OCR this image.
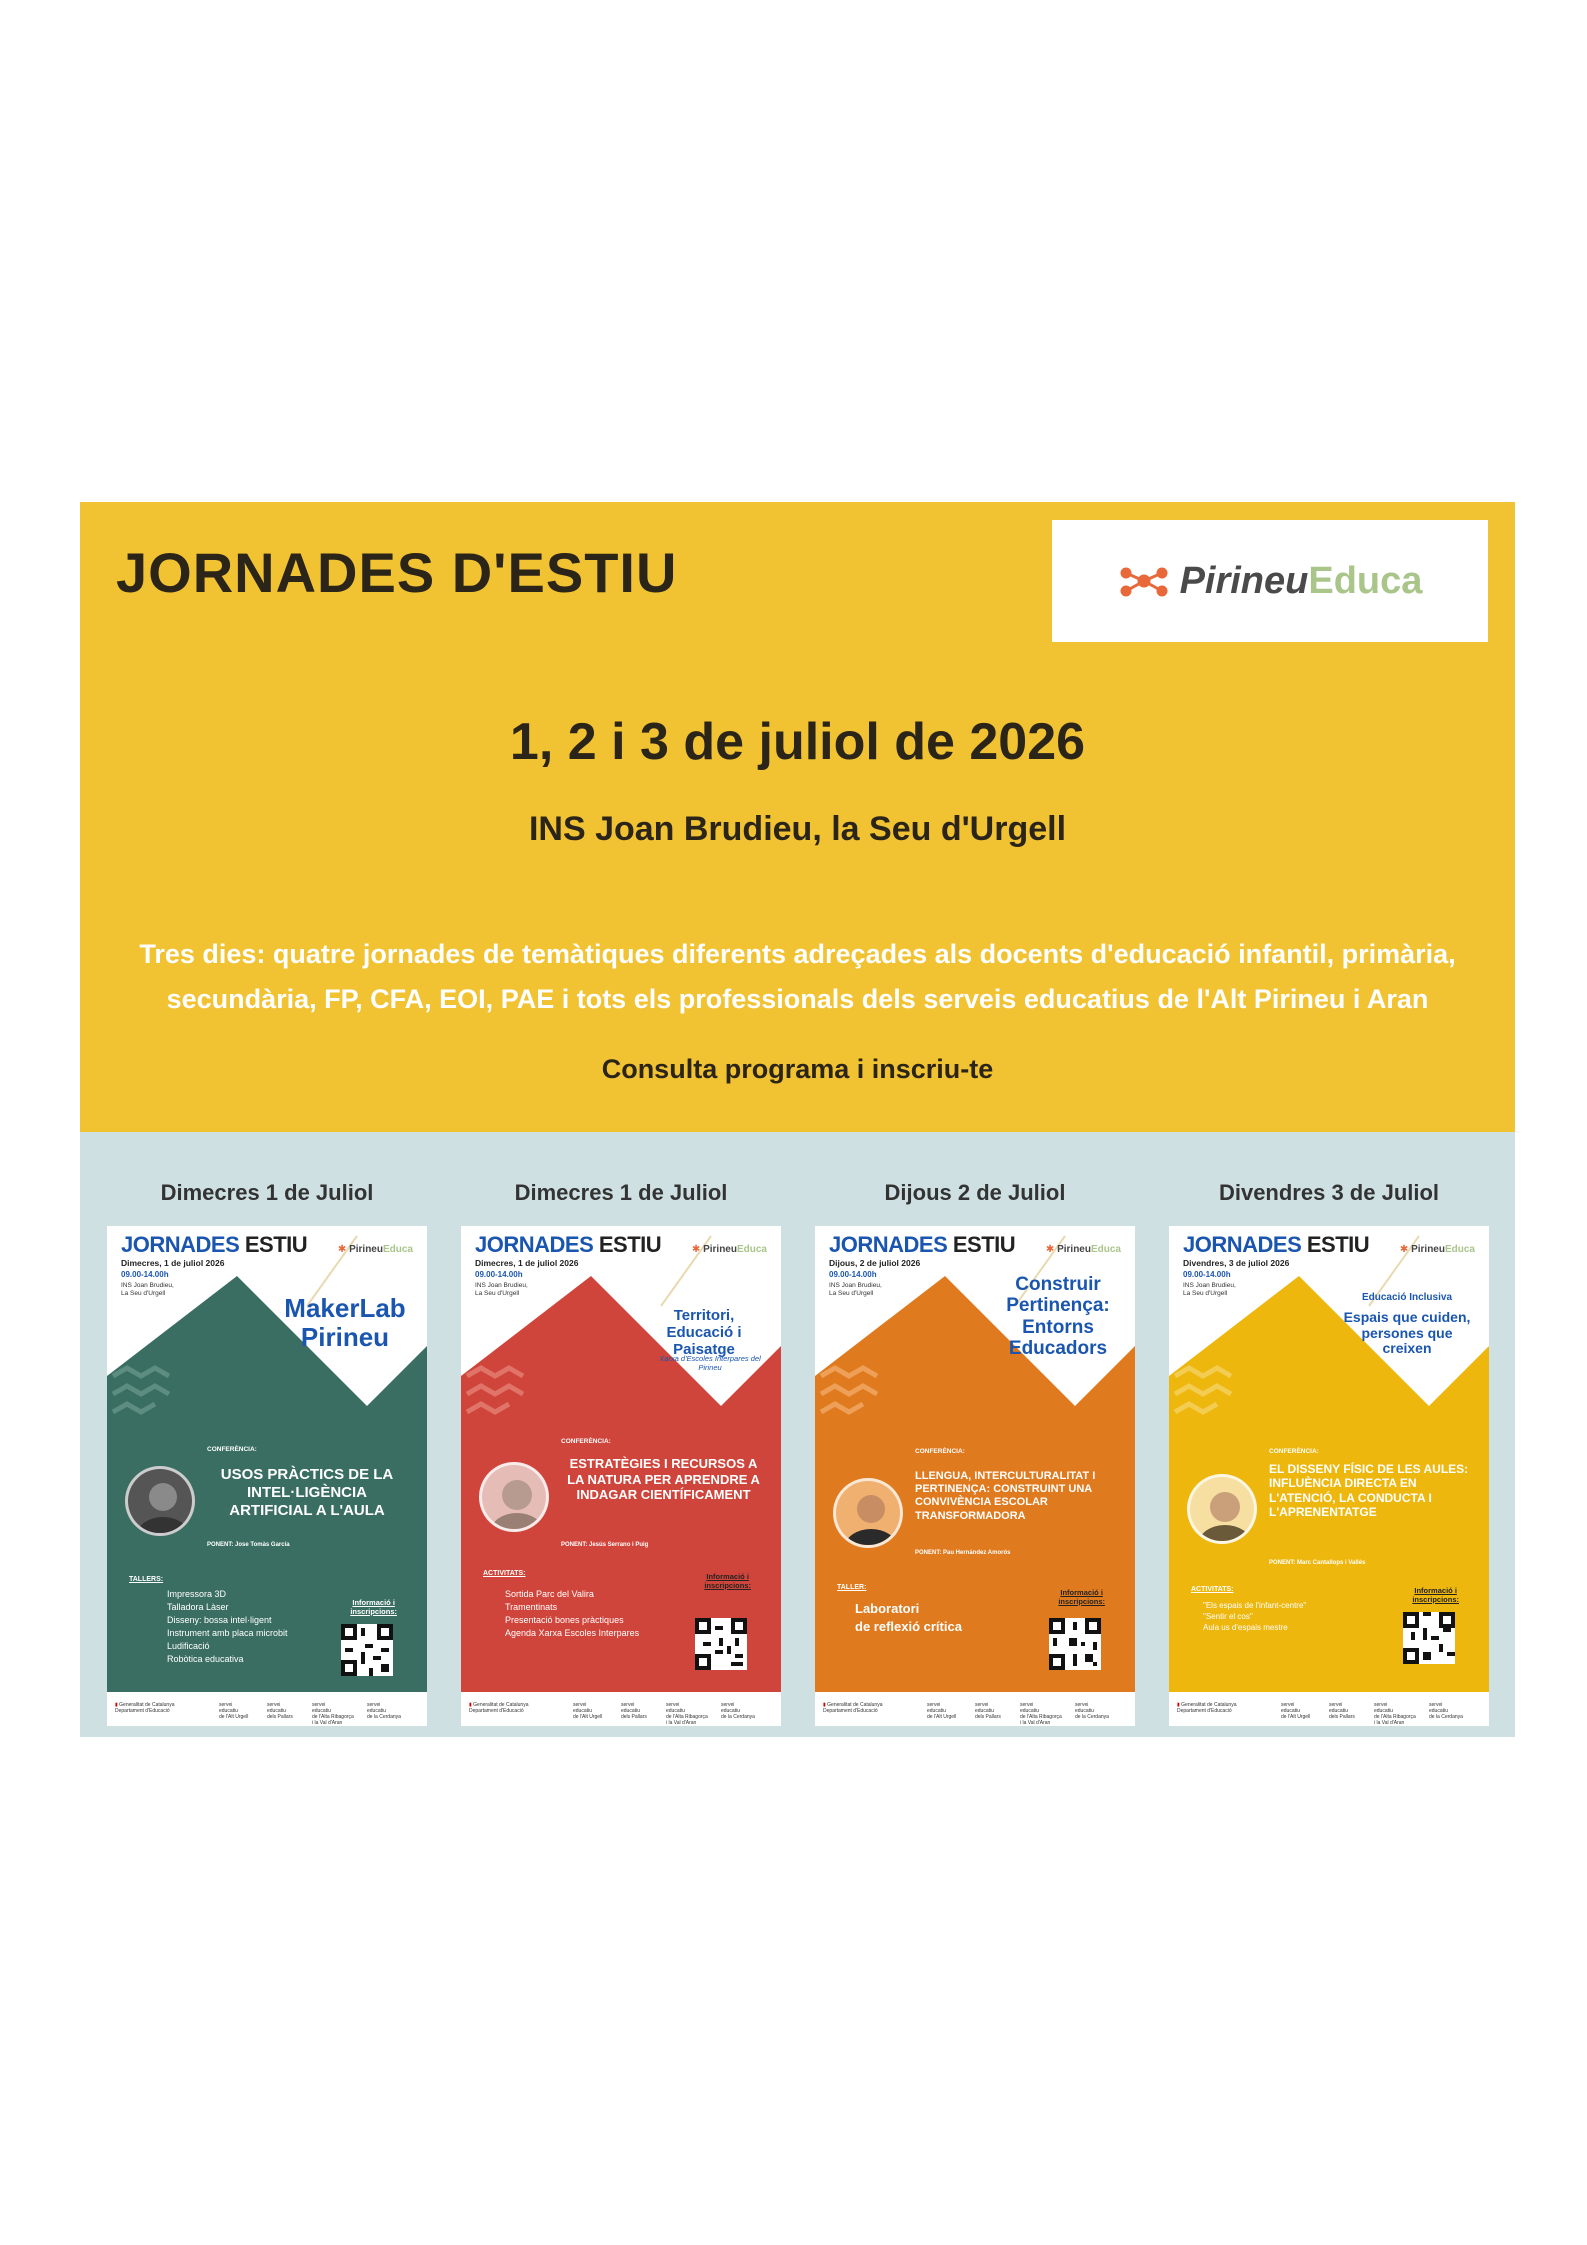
JORNADES D'ESTIU	Pirineu Educa
1, 2 i 3 de juliol de 2026
INS Joan Brudieu, la Seu d'Urgell
Tres dies: quatre jornades de temàtiques diferents adreçades als docents d'educació infantil, primària, secundària, FP, CFA, EOI, PAE i tots els professionals dels serveis educatius de l'Alt Pirineu i Aran
Consulta programa i inscriu-te
Dimecres 1 de Juliol
JORNADES ESTIU
Dimecres, 1 de juliol 2026
09.00-14.00h
INS Joan Brudieu,
La Seu d'Urgell
✱ PirineuEduca
MakerLab Pirineu
CONFERÈNCIA:
USOS PRÀCTICS DE LA INTEL·LIGÈNCIA ARTIFICIAL A L'AULA
PONENT: Jose Tomàs Garcia
TALLERS:
Impressora 3D
Talladora Làser
Disseny: bossa intel·ligent
Instrument amb placa microbit
Ludificació
Robòtica educativa
Informació i
inscripcions:
▮ Generalitat de Catalunya
Departament d'Educació
servei
educatiu
de l'Alt Urgell
servei
educatiu
dels Pallars
servei
educatiu
de l'Alta Ribagorça
i la Val d'Aran
servei
educatiu
de la Cerdanya
Dimecres 1 de Juliol
JORNADES ESTIU
Dimecres, 1 de juliol 2026
09.00-14.00h
INS Joan Brudieu,
La Seu d'Urgell
✱ PirineuEduca
Territori, Educació i Paisatge
Xarxa d'Escoles Interpares del Pirineu
CONFERÈNCIA:
ESTRATÈGIES I RECURSOS A LA NATURA PER APRENDRE A INDAGAR CIENTÍFICAMENT
PONENT: Jesús Serrano i Puig
ACTIVITATS:
Sortida Parc del Valira
Tramentinats
Presentació bones pràctiques
Agenda Xarxa Escoles Interpares
Informació i
inscripcions:
▮ Generalitat de Catalunya
Departament d'Educació
servei
educatiu
de l'Alt Urgell
servei
educatiu
dels Pallars
servei
educatiu
de l'Alta Ribagorça
i la Val d'Aran
servei
educatiu
de la Cerdanya
Dijous 2 de Juliol
JORNADES ESTIU
Dijous, 2 de juliol 2026
09.00-14.00h
INS Joan Brudieu,
La Seu d'Urgell
✱ PirineuEduca
Construir Pertinença: Entorns Educadors
CONFERÈNCIA:
LLENGUA, INTERCULTURALITAT I PERTINENÇA: CONSTRUINT UNA CONVIVÈNCIA ESCOLAR TRANSFORMADORA
PONENT: Pau Hernández Amorós
TALLER:
Laboratori
de reflexió crítica
Informació i
inscripcions:
▮ Generalitat de Catalunya
Departament d'Educació
servei
educatiu
de l'Alt Urgell
servei
educatiu
dels Pallars
servei
educatiu
de l'Alta Ribagorça
i la Val d'Aran
servei
educatiu
de la Cerdanya
Divendres 3 de Juliol
JORNADES ESTIU
Divendres, 3 de juliol 2026
09.00-14.00h
INS Joan Brudieu,
La Seu d'Urgell
✱ PirineuEduca
Educació Inclusiva
Espais que cuiden, persones que creixen
CONFERÈNCIA:
EL DISSENY FÍSIC DE LES AULES: INFLUÈNCIA DIRECTA EN L'ATENCIÓ, LA CONDUCTA I L'APRENENTATGE
PONENT: Marc Cantallops i Vallès
ACTIVITATS:
"Els espais de l'infant-centre"
"Sentir el cos"
Aula us d'espais mestre
Informació i
inscripcions:
▮ Generalitat de Catalunya
Departament d'Educació
servei
educatiu
de l'Alt Urgell
servei
educatiu
dels Pallars
servei
educatiu
de l'Alta Ribagorça
i la Val d'Aran
servei
educatiu
de la Cerdanya
